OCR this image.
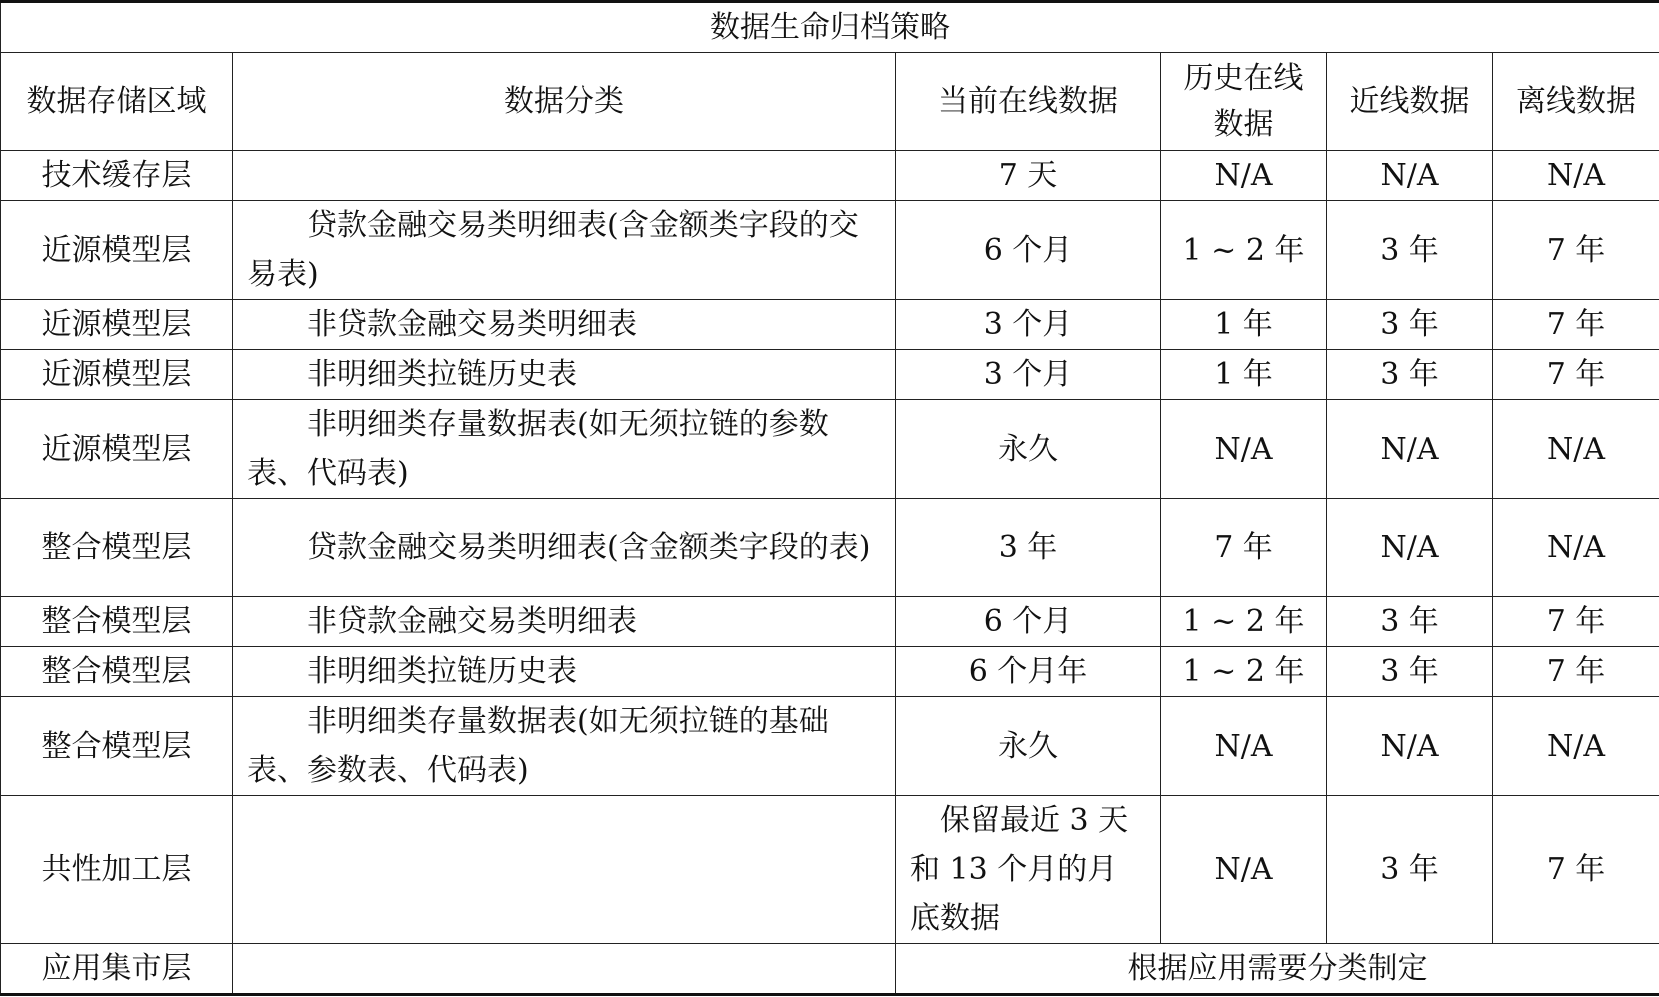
数据生命归档策略					
数据存储区域	数据分类	当前在线数据	历史在线数据	近线数据	离线数据
技术缓存层		7 天	N/A	N/A	N/A
近源模型层	贷款金融交易类明细表(含金额类字段的交易表)	6 个月	1 ~ 2 年	3 年	7 年
近源模型层	非贷款金融交易类明细表	3 个月	1 年	3 年	7 年
近源模型层	非明细类拉链历史表	3 个月	1 年	3 年	7 年
近源模型层	非明细类存量数据表(如无须拉链的参数表、代码表)	永久	N/A	N/A	N/A
整合模型层	贷款金融交易类明细表(含金额类字段的表)	3 年	7 年	N/A	N/A
整合模型层	非贷款金融交易类明细表	6 个月	1 ~ 2 年	3 年	7 年
整合模型层	非明细类拉链历史表	6 个月年	1 ~ 2 年	3 年	7 年
整合模型层	非明细类存量数据表(如无须拉链的基础表、参数表、代码表)	永久	N/A	N/A	N/A
共性加工层		保留最近 3 天和 13 个月的月底数据	N/A	3 年	7 年
应用集市层		根据应用需要分类制定			
